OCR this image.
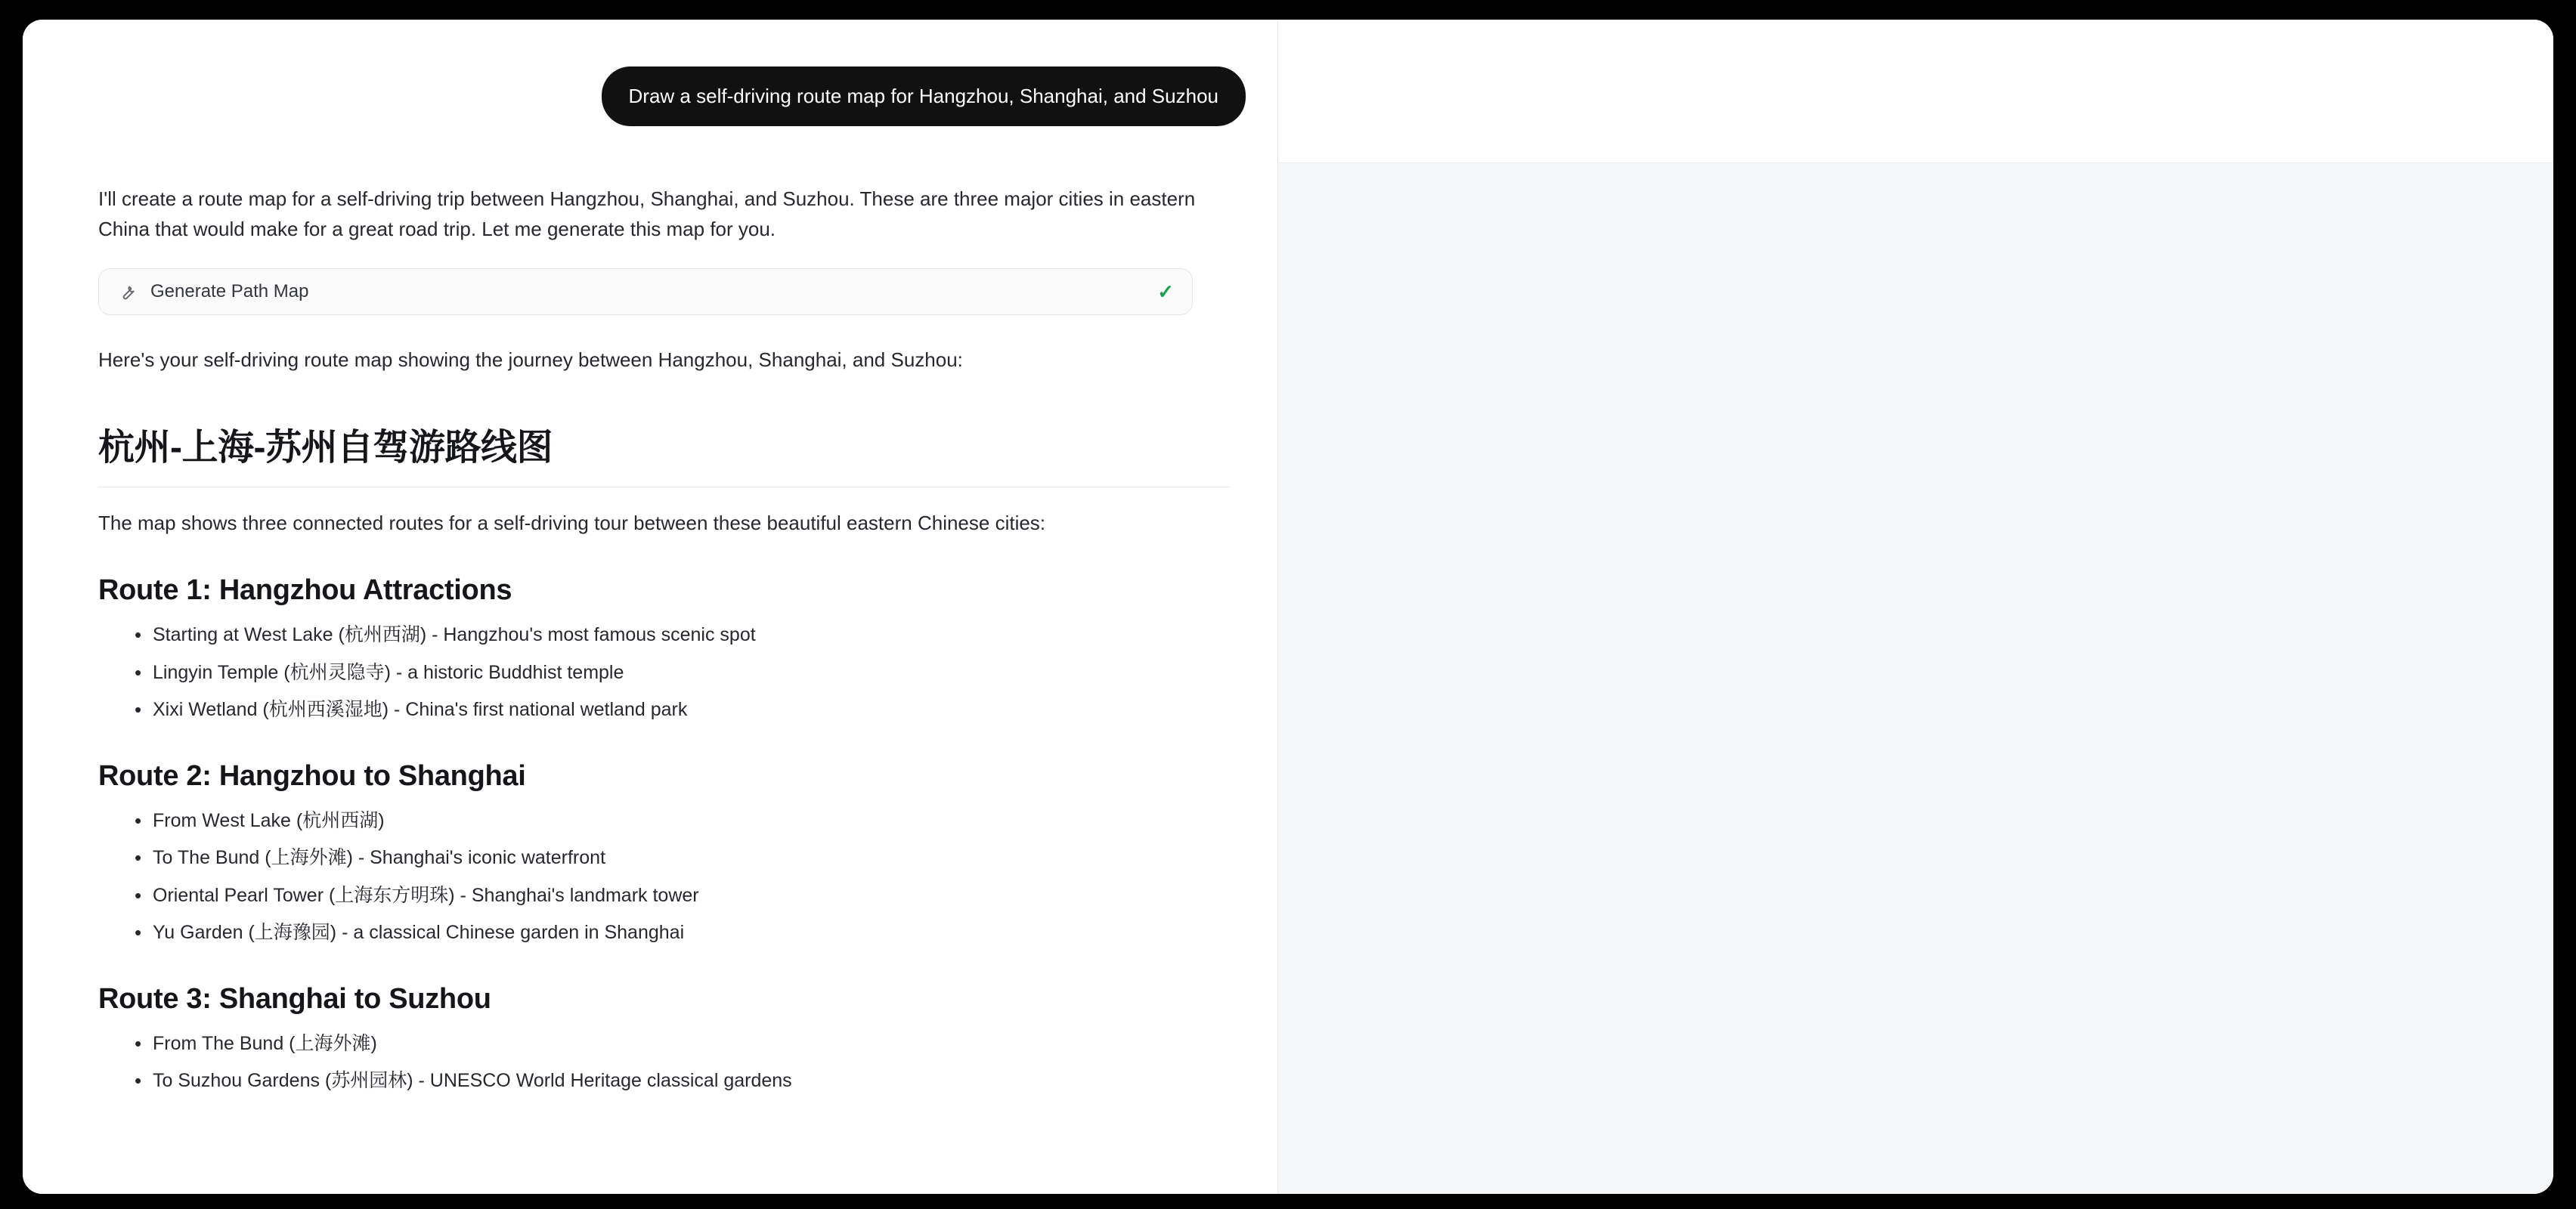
Draw a self-driving route map for Hangzhou, Shanghai, and Suzhou

I'll create a route map for a self-driving trip between Hangzhou, Shanghai, and Suzhou. These are three major cities in eastern China that would make for a great road trip. Let me generate this map for you.

Generate Path Map	✓

Here's your self-driving route map showing the journey between Hangzhou, Shanghai, and Suzhou:

杭州-上海-苏州自驾游路线图

The map shows three connected routes for a self-driving tour between these beautiful eastern Chinese cities:

Route 1: Hangzhou Attractions
• Starting at West Lake (杭州西湖) - Hangzhou's most famous scenic spot
• Lingyin Temple (杭州灵隐寺) - a historic Buddhist temple
• Xixi Wetland (杭州西溪湿地) - China's first national wetland park
Route 2: Hangzhou to Shanghai
• From West Lake (杭州西湖)
• To The Bund (上海外滩) - Shanghai's iconic waterfront
• Oriental Pearl Tower (上海东方明珠) - Shanghai's landmark tower
• Yu Garden (上海豫园) - a classical Chinese garden in Shanghai
Route 3: Shanghai to Suzhou
• From The Bund (上海外滩)
• To Suzhou Gardens (苏州园林) - UNESCO World Heritage classical gardens
